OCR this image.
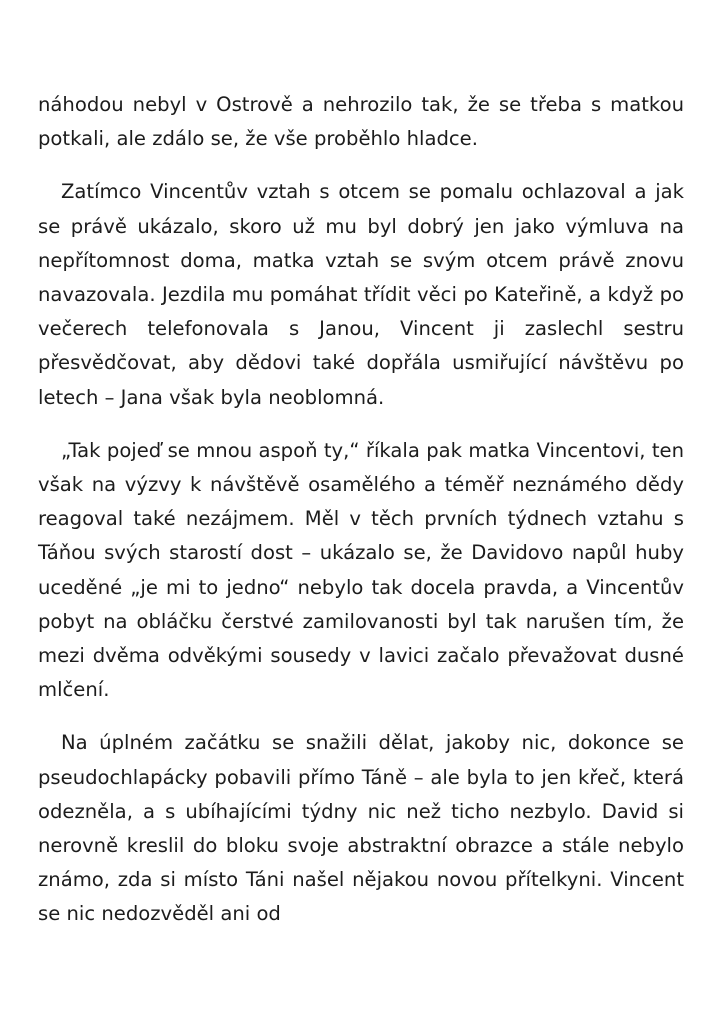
náhodou nebyl v Ostrově a nehrozilo tak, že se třeba s matkou potkali, ale zdálo se, že vše proběhlo hladce.

Zatímco Vincentův vztah s otcem se pomalu ochlazoval a jak se právě ukázalo, skoro už mu byl dobrý jen jako výmluva na nepřítomnost doma, matka vztah se svým otcem právě znovu navazovala. Jezdila mu pomáhat třídit věci po Kateřině, a když po večerech telefonovala s Janou, Vincent ji zaslechl sestru přesvědčovat, aby dědovi také dopřála usmiřující návštěvu po letech – Jana však byla neoblomná.

„Tak pojeď se mnou aspoň ty,“ říkala pak matka Vincentovi, ten však na výzvy k návštěvě osamělého a téměř neznámého dědy reagoval také nezájmem. Měl v těch prvních týdnech vztahu s Táňou svých starostí dost – ukázalo se, že Davidovo napůl huby uceděné „je mi to jedno“ nebylo tak docela pravda, a Vincentův pobyt na obláčku čerstvé zamilovanosti byl tak narušen tím, že mezi dvěma odvěkými sousedy v lavici začalo převažovat dusné mlčení.

Na úplném začátku se snažili dělat, jakoby nic, dokonce se pseudochlapácky pobavili přímo Táně – ale byla to jen křeč, která odezněla, a s ubíhajícími týdny nic než ticho nezbylo. David si nerovně kreslil do bloku svoje abstraktní obrazce a stále nebylo známo, zda si místo Táni našel nějakou novou přítelkyni. Vincent se nic nedozvěděl ani od
